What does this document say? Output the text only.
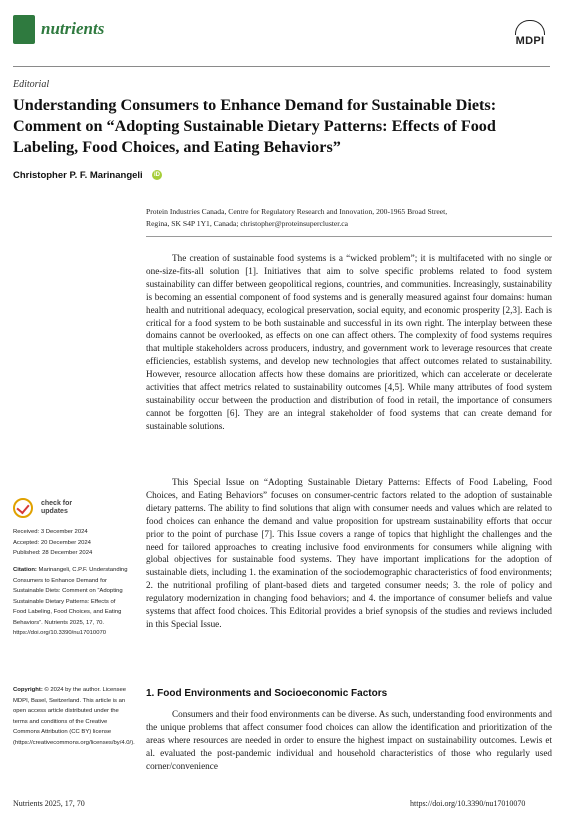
nutrients
MDPI
Editorial
Understanding Consumers to Enhance Demand for Sustainable Diets: Comment on “Adopting Sustainable Dietary Patterns: Effects of Food Labeling, Food Choices, and Eating Behaviors”
Christopher P. F. Marinangeli	iD
Protein Industries Canada, Centre for Regulatory Research and Innovation, 200-1965 Broad Street,
Regina, SK S4P 1Y1, Canada; christopher@proteinsupercluster.ca

The creation of sustainable food systems is a “wicked problem”; it is multifaceted with no single or one-size-fits-all solution [1]. Initiatives that aim to solve specific problems related to food system sustainability can differ between geopolitical regions, countries, and communities. Increasingly, sustainability is becoming an essential component of food systems and is generally measured against four domains: human health and nutritional adequacy, ecological preservation, social equity, and economic prosperity [2,3]. Each is critical for a food system to be both sustainable and successful in its own right. The interplay between these domains cannot be overlooked, as effects on one can affect others. The complexity of food systems requires that multiple stakeholders across producers, industry, and government work to leverage resources that create efficiencies, establish systems, and develop new technologies that affect outcomes related to sustainability. However, resource allocation affects how these domains are prioritized, which can accelerate or decelerate activities that affect metrics related to sustainability outcomes [4,5]. While many attributes of food system sustainability occur between the production and distribution of food in retail, the importance of consumers cannot be forgotten [6]. They are an integral stakeholder of food systems that can create demand for sustainable solutions.

This Special Issue on “Adopting Sustainable Dietary Patterns: Effects of Food Labeling, Food Choices, and Eating Behaviors” focuses on consumer-centric factors related to the adoption of sustainable dietary patterns. The ability to find solutions that align with consumer needs and values which are related to food choices can enhance the demand and value proposition for upstream sustainability efforts that occur prior to the point of purchase [7]. This Issue covers a range of topics that highlight the challenges and the need for tailored approaches to creating inclusive food environments for consumers while aligning with global objectives for sustainable food systems. They have important implications for the adoption of sustainable diets, including 1. the examination of the sociodemographic characteristics of food environments; 2. the nutritional profiling of plant-based diets and targeted consumer needs; 3. the role of policy and regulatory modernization in changing food behaviors; and 4. the importance of consumer beliefs and value systems that affect food choices. This Editorial provides a brief synopsis of the studies and reviews included in this Special Issue.

1. Food Environments and Socioeconomic Factors

Consumers and their food environments can be diverse. As such, understanding food environments and the unique problems that affect consumer food choices can allow the identification and prioritization of the areas where resources are needed in order to ensure the highest impact on sustainability outcomes. Lewis et al. evaluated the post-pandemic individual and household characteristics of those who regularly used corner/convenience

check for
updates
Received: 3 December 2024
Accepted: 20 December 2024
Published: 28 December 2024
Citation: Marinangeli, C.P.F. Understanding Consumers to Enhance Demand for Sustainable Diets: Comment on “Adopting Sustainable Dietary Patterns: Effects of Food Labeling, Food Choices, and Eating Behaviors”. Nutrients 2025, 17, 70. https://doi.org/10.3390/nu17010070
Copyright: © 2024 by the author. Licensee MDPI, Basel, Switzerland. This article is an open access article distributed under the terms and conditions of the Creative Commons Attribution (CC BY) license (https://creativecommons.org/licenses/by/4.0/).
Nutrients 2025, 17, 70	https://doi.org/10.3390/nu17010070
